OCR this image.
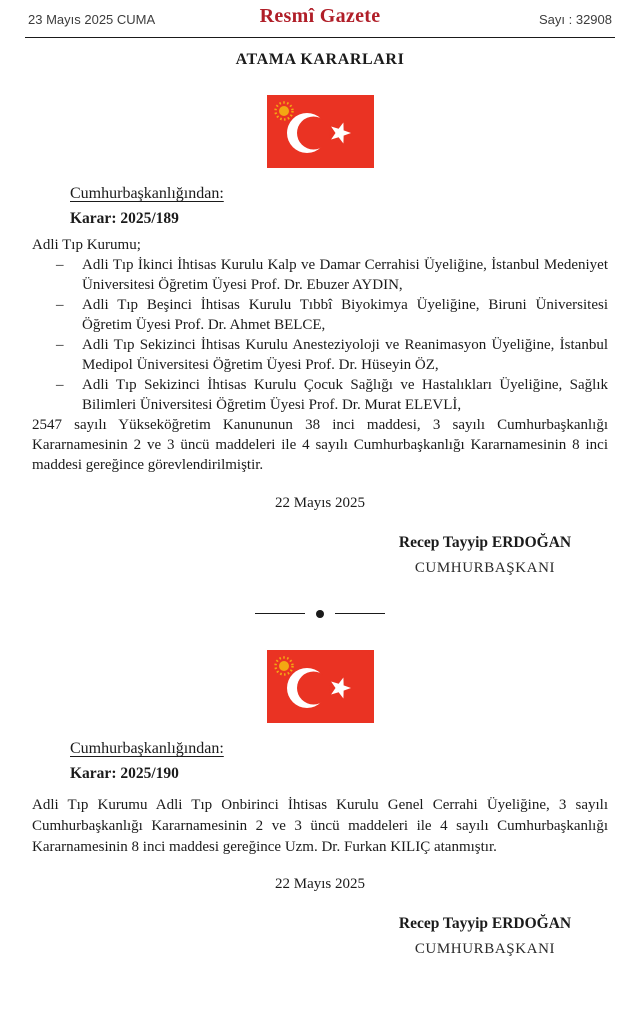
23 Mayıs 2025 CUMA	Resmî Gazete	Sayı : 32908
ATAMA KARARLARI
Cumhurbaşkanlığından:
Karar: 2025/189

Adli Tıp Kurumu;

– Adli Tıp İkinci İhtisas Kurulu Kalp ve Damar Cerrahisi Üyeliğine, İstanbul Medeniyet Üniversitesi Öğretim Üyesi Prof. Dr. Ebuzer AYDIN,
– Adli Tıp Beşinci İhtisas Kurulu Tıbbî Biyokimya Üyeliğine, Biruni Üniversitesi Öğretim Üyesi Prof. Dr. Ahmet BELCE,
– Adli Tıp Sekizinci İhtisas Kurulu Anesteziyoloji ve Reanimasyon Üyeliğine, İstanbul Medipol Üniversitesi Öğretim Üyesi Prof. Dr. Hüseyin ÖZ,
– Adli Tıp Sekizinci İhtisas Kurulu Çocuk Sağlığı ve Hastalıkları Üyeliğine, Sağlık Bilimleri Üniversitesi Öğretim Üyesi Prof. Dr. Murat ELEVLİ,

2547 sayılı Yükseköğretim Kanununun 38 inci maddesi, 3 sayılı Cumhurbaşkanlığı Kararnamesinin 2 ve 3 üncü maddeleri ile 4 sayılı Cumhurbaşkanlığı Kararnamesinin 8 inci maddesi gereğince görevlendirilmiştir.

22 Mayıs 2025
Recep Tayyip ERDOĞAN
CUMHURBAŞKANI
Cumhurbaşkanlığından:
Karar: 2025/190

Adli Tıp Kurumu Adli Tıp Onbirinci İhtisas Kurulu Genel Cerrahi Üyeliğine, 3 sayılı Cumhurbaşkanlığı Kararnamesinin 2 ve 3 üncü maddeleri ile 4 sayılı Cumhurbaşkanlığı Kararnamesinin 8 inci maddesi gereğince Uzm. Dr. Furkan KILIÇ atanmıştır.

22 Mayıs 2025
Recep Tayyip ERDOĞAN
CUMHURBAŞKANI
